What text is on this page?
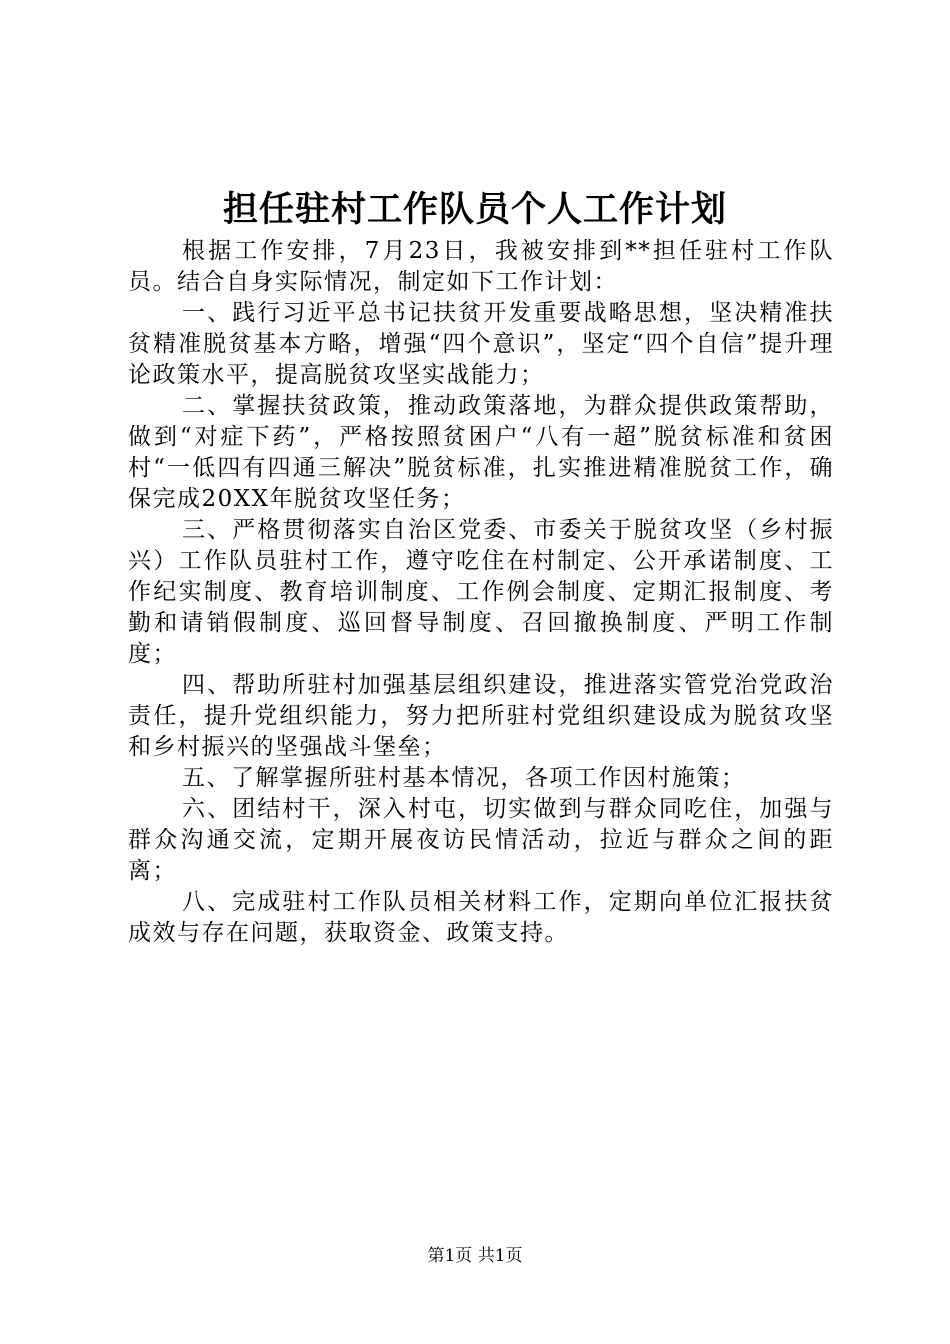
担任驻村工作队员个人工作计划

根据工作安排，7月23日，我被安排到**担任驻村工作队员。结合自身实际情况，制定如下工作计划：

一、践行习近平总书记扶贫开发重要战略思想，坚决精准扶贫精准脱贫基本方略，增强“四个意识”，坚定“四个自信”提升理论政策水平，提高脱贫攻坚实战能力；

二、掌握扶贫政策，推动政策落地，为群众提供政策帮助，做到“对症下药”，严格按照贫困户“八有一超”脱贫标准和贫困村“一低四有四通三解决”脱贫标准，扎实推进精准脱贫工作，确保完成20XX年脱贫攻坚任务；

三、严格贯彻落实自治区党委、市委关于脱贫攻坚（乡村振兴）工作队员驻村工作，遵守吃住在村制定、公开承诺制度、工作纪实制度、教育培训制度、工作例会制度、定期汇报制度、考勤和请销假制度、巡回督导制度、召回撤换制度、严明工作制度；

四、帮助所驻村加强基层组织建设，推进落实管党治党政治责任，提升党组织能力，努力把所驻村党组织建设成为脱贫攻坚和乡村振兴的坚强战斗堡垒；

五、了解掌握所驻村基本情况，各项工作因村施策；

六、团结村干，深入村屯，切实做到与群众同吃住，加强与群众沟通交流，定期开展夜访民情活动，拉近与群众之间的距离；

八、完成驻村工作队员相关材料工作，定期向单位汇报扶贫成效与存在问题，获取资金、政策支持。

第1页 共1页
